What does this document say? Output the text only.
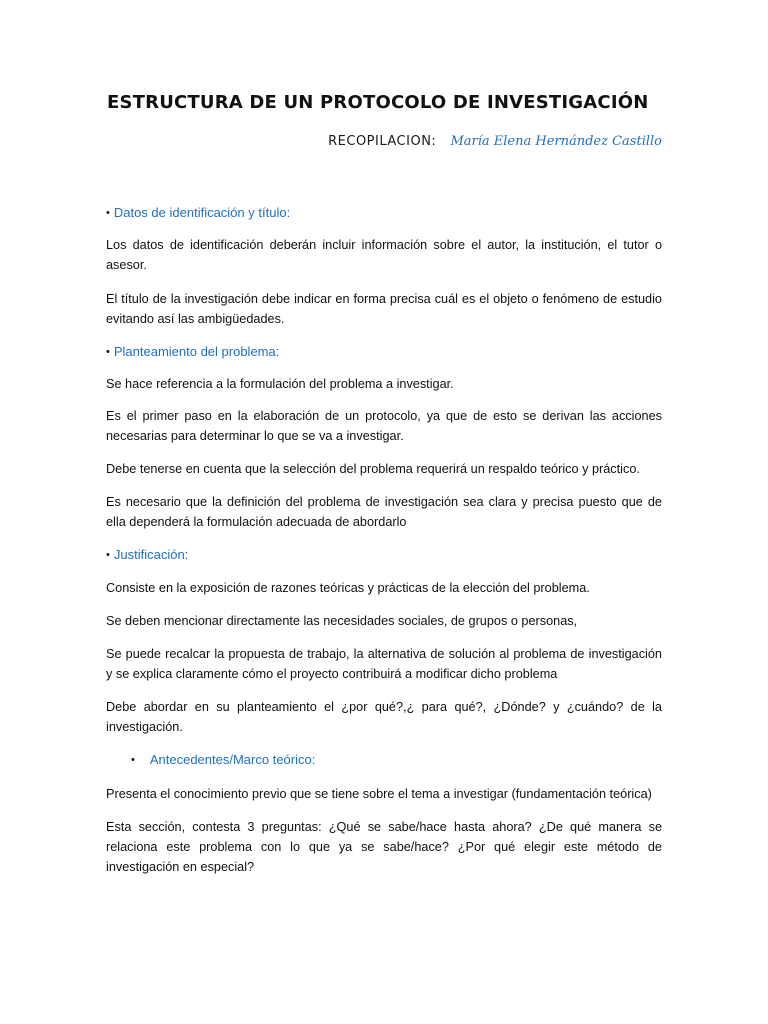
ESTRUCTURA DE UN PROTOCOLO DE INVESTIGACIÓN
RECOPILACION: María Elena Hernández Castillo
• Datos de identificación y título:

Los datos de identificación deberán incluir información sobre el autor, la institución, el tutor o asesor.

El título de la investigación debe indicar en forma precisa cuál es el objeto o fenómeno de estudio evitando así las ambigüedades.

• Planteamiento del problema:

Se hace referencia a la formulación del problema a investigar.

Es el primer paso en la elaboración de un protocolo, ya que de esto se derivan las acciones necesarias para determinar lo que se va a investigar.

Debe tenerse en cuenta que la selección del problema requerirá un respaldo teórico y práctico.

Es necesario que la definición del problema de investigación sea clara y precisa puesto que de ella dependerá la formulación adecuada de abordarlo

• Justificación:

Consiste en la exposición de razones teóricas y prácticas de la elección del problema.

Se deben mencionar directamente las necesidades sociales, de grupos o personas,

Se puede recalcar la propuesta de trabajo, la alternativa de solución al problema de investigación y se explica claramente cómo el proyecto contribuirá a modificar dicho problema

Debe abordar en su planteamiento el ¿por qué?,¿ para qué?, ¿Dónde? y ¿cuándo? de la investigación.

• Antecedentes/Marco teórico:

Presenta el conocimiento previo que se tiene sobre el tema a investigar (fundamentación teórica)

Esta sección, contesta 3 preguntas: ¿Qué se sabe/hace hasta ahora? ¿De qué manera se relaciona este problema con lo que ya se sabe/hace? ¿Por qué elegir este método de investigación en especial?
